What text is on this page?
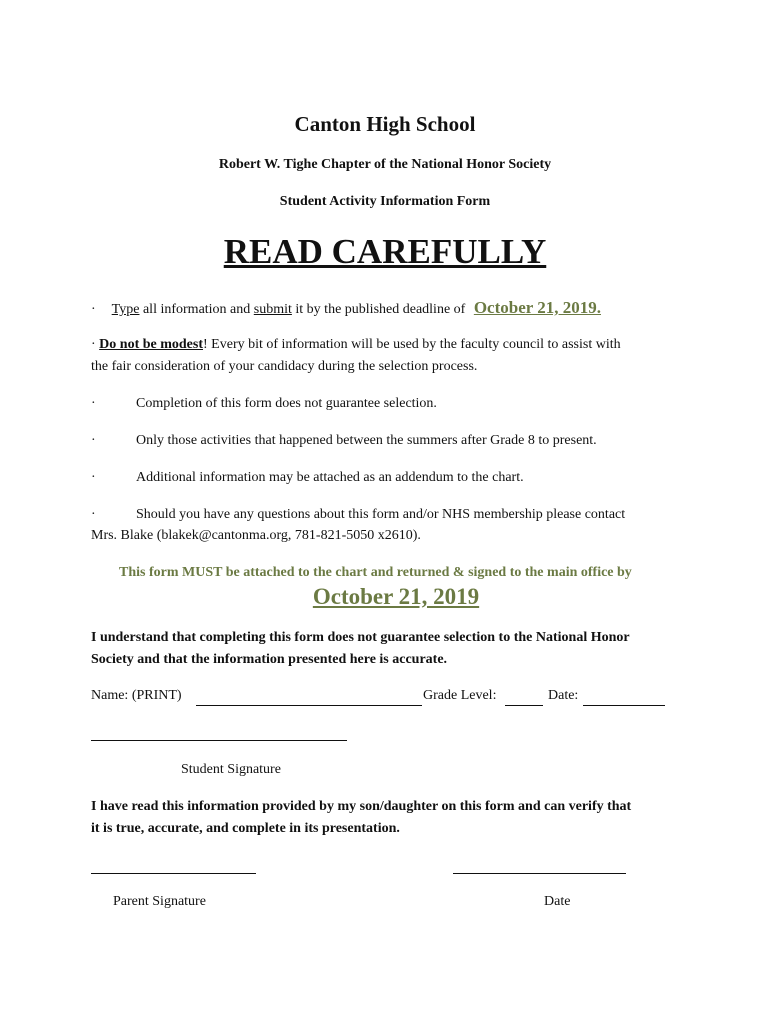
Canton High School
Robert W. Tighe Chapter of the National Honor Society
Student Activity Information Form
READ CAREFULLY
· Type all information and submit it by the published deadline of October 21, 2019.
· Do not be modest! Every bit of information will be used by the faculty council to assist with
the fair consideration of your candidacy during the selection process.
·	Completion of this form does not guarantee selection.
·	Only those activities that happened between the summers after Grade 8 to present.
·	Additional information may be attached as an addendum to the chart.
·	Should you have any questions about this form and/or NHS membership please contact
Mrs. Blake (blakek@cantonma.org, 781-821-5050 x2610).
This form MUST be attached to the chart and returned & signed to the main office by
October 21, 2019
I understand that completing this form does not guarantee selection to the National Honor
Society and that the information presented here is accurate.
Name: (PRINT)	Grade Level:	Date:
Student Signature
I have read this information provided by my son/daughter on this form and can verify that
it is true, accurate, and complete in its presentation.
Parent Signature	Date
